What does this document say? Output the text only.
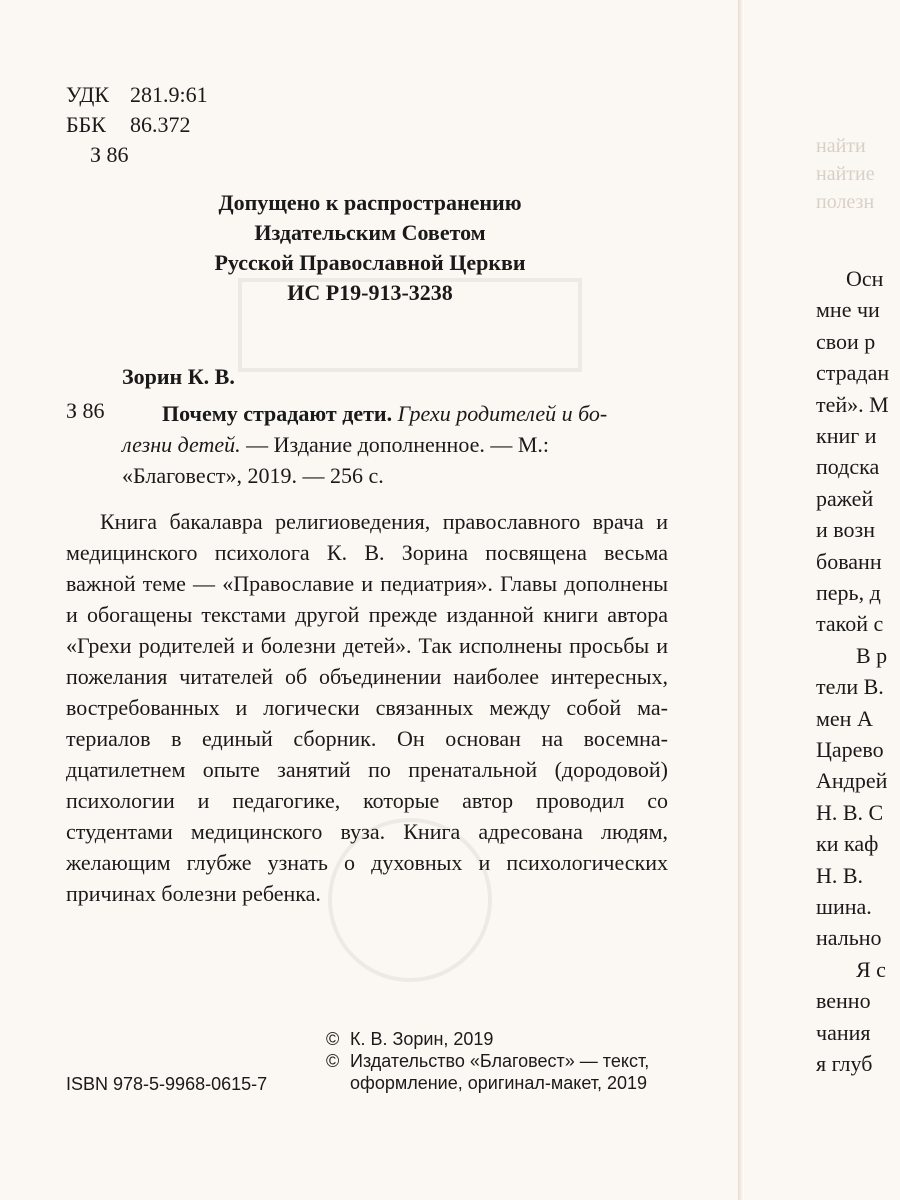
УДК 281.9:61
ББК	86.372
З 86
Допущено к распространению
Издательским Советом
Русской Православной Церкви
ИС Р19-913-3238
Зорин К. В.
З 86	Почему страдают дети. Грехи родителей и бо-

лезни детей. — Издание дополненное. — М.:

«Благовест», 2019. — 256 с.

Книга бакалавра религиоведения, православного врача и медицинского психолога К. В. Зорина посвящена весьма важной теме — «Православие и педиатрия». Главы дополнены и обогащены текстами другой прежде изданной книги автора «Грехи родителей и болезни детей». Так исполнены просьбы и пожелания читателей об объединении наиболее интересных, востребованных и логически связанных между собой материалов в единый сборник. Он основан на восемнадцатилетнем опыте занятий по пренатальной (дородовой) психологии и педагогике, которые автор проводил со студентами медицинского вуза. Книга адресована людям, желающим глубже узнать о духовных и психологических причинах болезни ребенка.

© К. В. Зорин, 2019
© Издательство «Благовест» — текст,
оформление, оригинал-макет, 2019
ISBN 978-5-9968-0615-7
найти
найтие
полезн
Осн
мне чи
свои р
страдан
тей». М
книг и
подска
ражей
и возн
бованн
перь, д
такой с
В р
тели В.
мен А
Царево
Андрей
Н. В. С
ки каф
Н. В.
шина.
нально
Я с
венно
чания
я глуб
